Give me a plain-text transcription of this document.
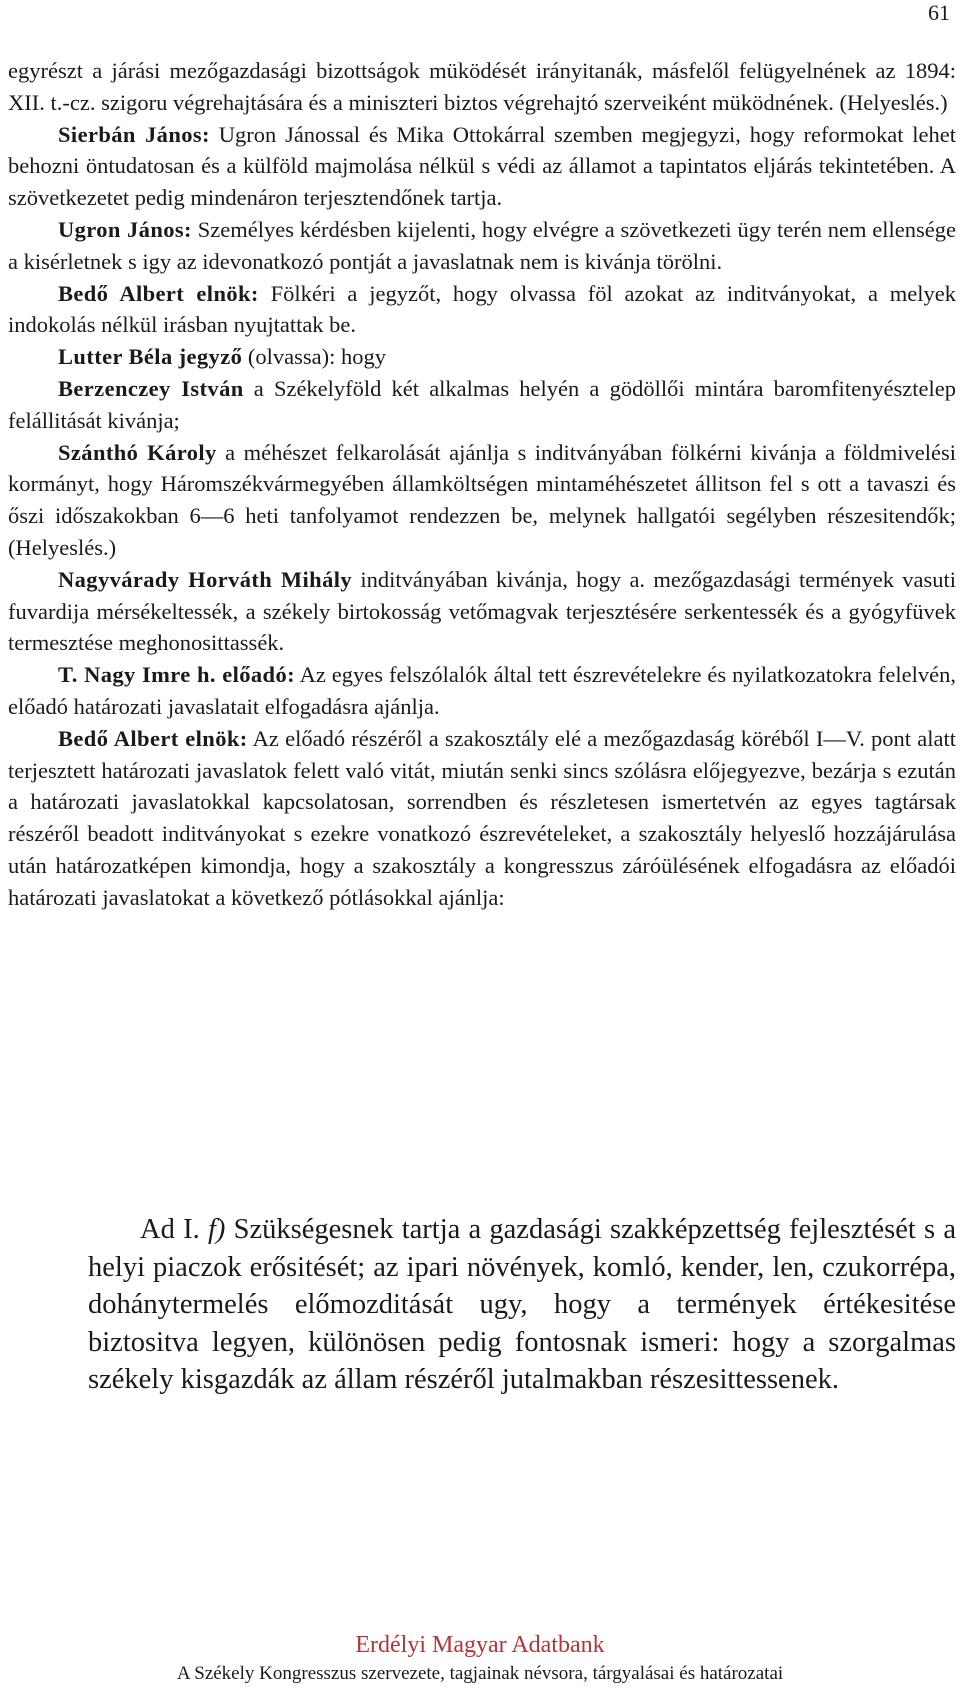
61

egyrészt a járási mezőgazdasági bizottságok müködését irányitanák, másfelől felügyelnének az 1894: XII. t.-cz. szigoru végrehajtására és a miniszteri biztos végrehajtó szerveiként müködnének. (Helyeslés.)

Sierbán János: Ugron Jánossal és Mika Ottokárral szemben megjegyzi, hogy reformokat lehet behozni öntudatosan és a külföld majmolása nélkül s védi az államot a tapintatos eljárás tekintetében. A szövetkezetet pedig mindenáron terjesztendőnek tartja.

Ugron János: Személyes kérdésben kijelenti, hogy elvégre a szövetkezeti ügy terén nem ellensége a kisérletnek s igy az idevonatkozó pontját a javaslatnak nem is kivánja törölni.

Bedő Albert elnök: Fölkéri a jegyzőt, hogy olvassa föl azokat az inditványokat, a melyek indokolás nélkül irásban nyujtattak be.

Lutter Béla jegyző (olvassa): hogy

Berzenczey István a Székelyföld két alkalmas helyén a gödöllői mintára baromfitenyésztelep felállitását kivánja;

Szánthó Károly a méhészet felkarolását ajánlja s inditványában fölkérni kivánja a földmivelési kormányt, hogy Háromszékvármegyében államköltségen mintaméhészetet állitson fel s ott a tavaszi és őszi időszakokban 6—6 heti tanfolyamot rendezzen be, melynek hallgatói segélyben részesitendők; (Helyeslés.)

Nagyvárady Horváth Mihály inditványában kivánja, hogy a. mezőgazdasági termények vasuti fuvardija mérsékeltessék, a székely birtokosság vetőmagvak terjesztésére serkentessék és a gyógyfüvek termesztése meghonosittassék.

T. Nagy Imre h. előadó: Az egyes felszólalók által tett észrevételekre és nyilatkozatokra felelvén, előadó határozati javaslatait elfogadásra ajánlja.

Bedő Albert elnök: Az előadó részéről a szakosztály elé a mezőgazdaság köréből I—V. pont alatt terjesztett határozati javaslatok felett való vitát, miután senki sincs szólásra előjegyezve, bezárja s ezután a határozati javaslatokkal kapcsolatosan, sorrendben és részletesen ismertetvén az egyes tagtársak részéről beadott inditványokat s ezekre vonatkozó észrevételeket, a szakosztály helyeslő hozzájárulása után határozatképen kimondja, hogy a szakosztály a kongresszus záróülésének elfogadásra az előadói határozati javaslatokat a következő pótlásokkal ajánlja:

Ad I. f) Szükségesnek tartja a gazdasági szakképzettség fejlesztését s a helyi piaczok erősitését; az ipari növények, komló, kender, len, czukorrépa, dohánytermelés előmozditását ugy, hogy a termények értékesitése biztositva legyen, különösen pedig fontosnak ismeri: hogy a szorgalmas székely kisgazdák az állam részéről jutalmakban részesittessenek.

Erdélyi Magyar Adatbank
A Székely Kongresszus szervezete, tagjainak névsora, tárgyalásai és határozatai
